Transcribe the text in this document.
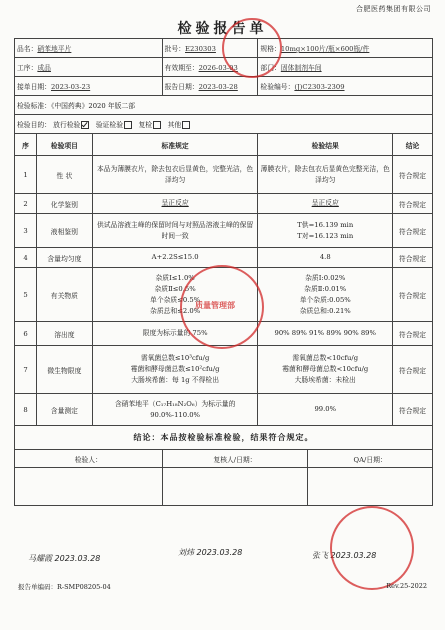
合肥医药集团有限公司
检验报告单
品名：硝苯地平片			批号：E230303	规格：10mg×100片/瓶×600瓶/件		
工序：成品			有效期至：2026-03-03	部门：固体制剂车间		
接单日期：2023-03-23			报告日期：2023-03-28	检验编号：(J)C2303-2309		
检验标准：《中国药典》2020 年版二部						
检验目的： 放行检验 验证检验 复检 其他						
序	检验项目	标准规定		检验结果		结论
1	性 状	本品为薄膜衣片，除去包衣后显黄色，完整光洁，色泽均匀		薄膜衣片，除去包衣后显黄色完整光洁，色泽均匀		符合规定
2	化学鉴别	呈正反应		呈正反应		符合规定
3	液相鉴别	供试品溶液主峰的保留时间与对照品溶液主峰的保留时间一致		T供=16.139 min
T对=16.123 min		符合规定
4	含量均匀度	A+2.2S≤15.0		4.8		符合规定
5	有关物质	杂质Ⅰ≤1.0%
杂质Ⅱ≤0.5%
单个杂质≤0.5%
杂质总和≤2.0%		杂质Ⅰ:0.02%
杂质Ⅱ:0.01%
单个杂质:0.05%
杂质总和:0.21%		符合规定
6	溶出度	限度为标示量的 75%		90% 89% 91% 89% 90% 89%		符合规定
7	微生物限度	需氧菌总数≤10³cfu/g
霉菌和酵母菌总数≤10²cfu/g
大肠埃希菌：每 1g 不得检出		需氧菌总数<10cfu/g
霉菌和酵母菌总数<10cfu/g
大肠埃希菌：未检出		符合规定
8	含量测定	含硝苯地平（C₁₇H₁₈N₂O₆）为标示量的 90.0%-110.0%		99.0%		符合规定
结论：本品按检验标准检验，结果符合规定。						
检验人：			复核人/日期：		QA/日期：	

马耀霞 2023.03.28
刘炜 2023.03.28	张飞 2023.03.28
质量管理部
报告单编码：R-SMP08205-04	Rev.25-2022
